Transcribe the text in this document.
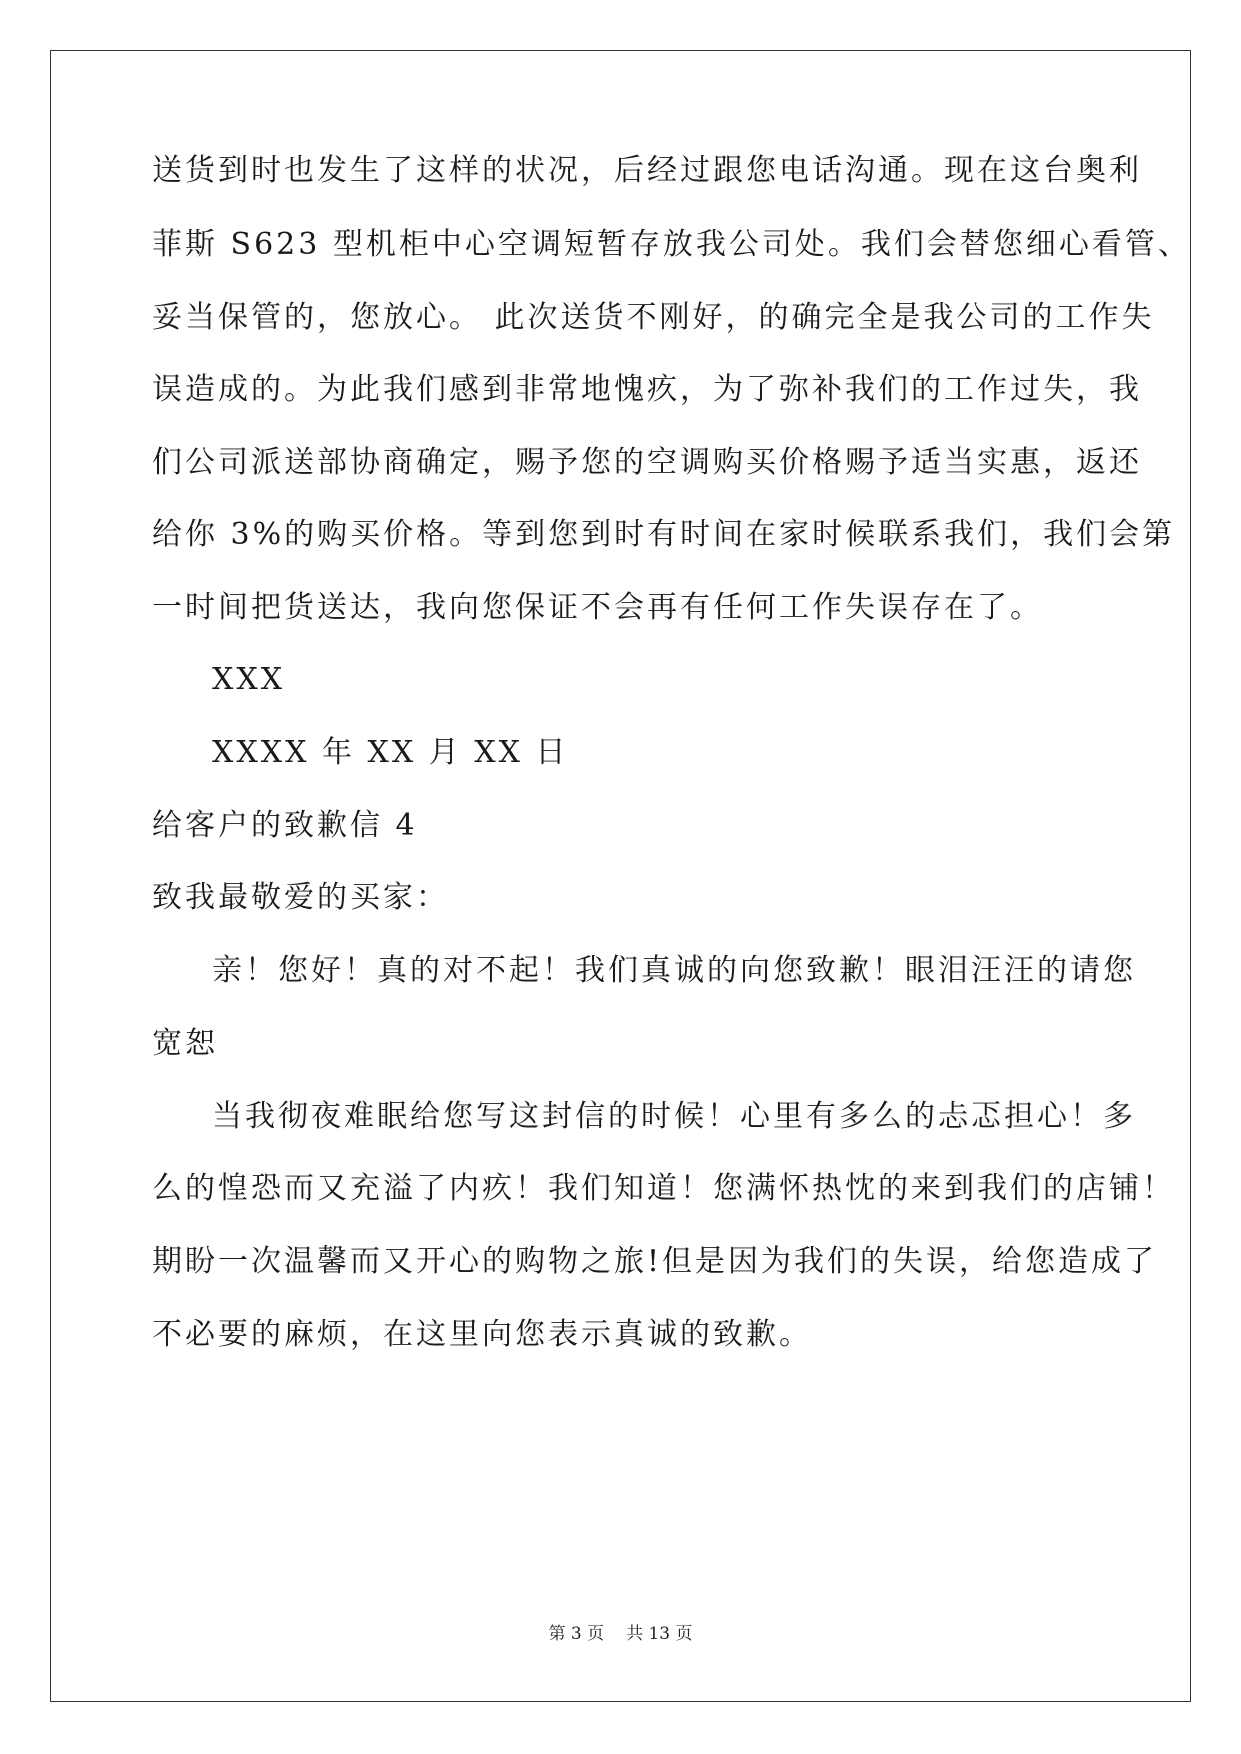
送货到时也发生了这样的状况，后经过跟您电话沟通。现在这台奥利
菲斯 S623 型机柜中心空调短暂存放我公司处。我们会替您细心看管、
妥当保管的，您放心。 此次送货不刚好，的确完全是我公司的工作失
误造成的。为此我们感到非常地愧疚，为了弥补我们的工作过失，我
们公司派送部协商确定，赐予您的空调购买价格赐予适当实惠，返还
给你 3%的购买价格。等到您到时有时间在家时候联系我们，我们会第
一时间把货送达，我向您保证不会再有任何工作失误存在了。
XXX
XXXX 年 XX 月 XX 日
给客户的致歉信 4
致我最敬爱的买家：
亲！您好！真的对不起！我们真诚的向您致歉！眼泪汪汪的请您
宽恕
当我彻夜难眠给您写这封信的时候！心里有多么的忐忑担心！多
么的惶恐而又充溢了内疚！我们知道！您满怀热忱的来到我们的店铺！
期盼一次温馨而又开心的购物之旅!但是因为我们的失误，给您造成了
不必要的麻烦，在这里向您表示真诚的致歉。
第 3 页 共 13 页
